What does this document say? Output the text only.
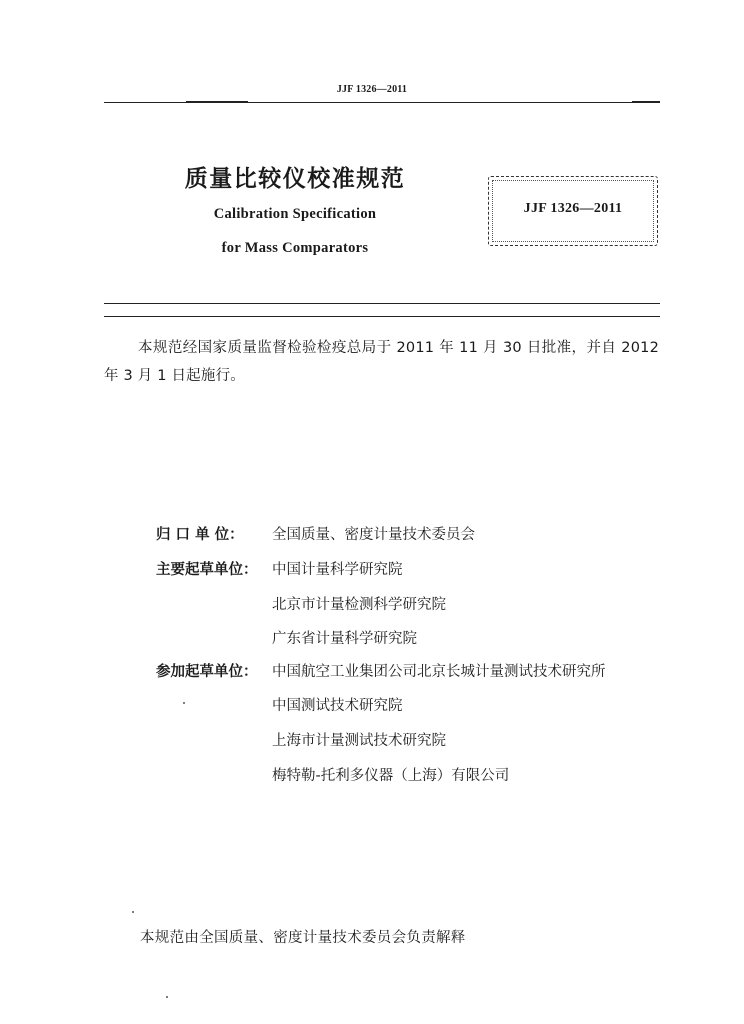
JJF 1326—2011
质量比较仪校准规范
Calibration Specification
for Mass Comparators
JJF 1326—2011
本规范经国家质量监督检验检疫总局于 2011 年 11 月 30 日批准，并自 2012 年 3 月 1 日起施行。
归 口 单 位：	全国质量、密度计量技术委员会
主要起草单位：	中国计量科学研究院
北京市计量检测科学研究院
广东省计量科学研究院
参加起草单位：	中国航空工业集团公司北京长城计量测试技术研究所
中国测试技术研究院
上海市计量测试技术研究院
梅特勒-托利多仪器（上海）有限公司
本规范由全国质量、密度计量技术委员会负责解释
